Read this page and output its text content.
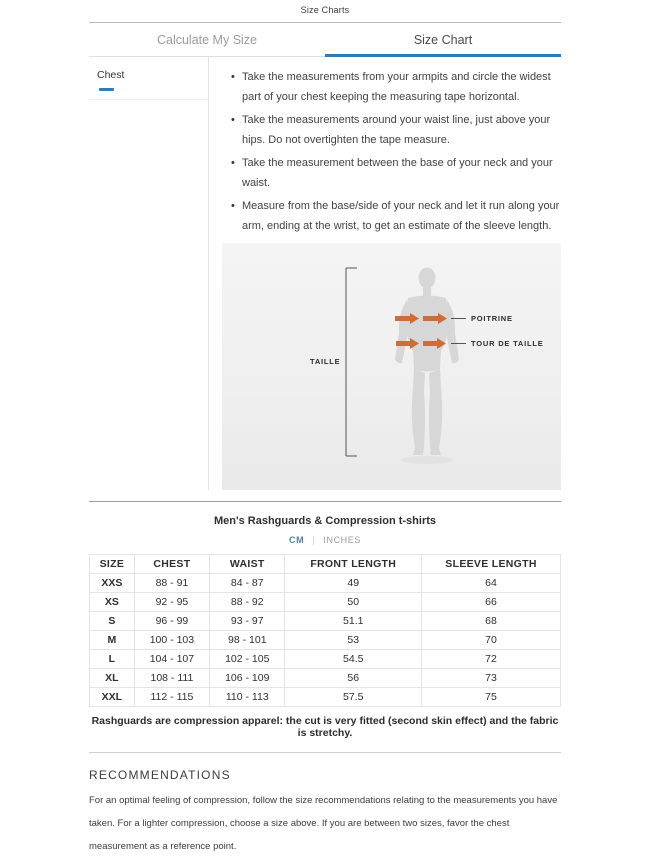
Size Charts
Calculate My Size	Size Chart
Chest	• Take the measurements from your armpits and circle the widest part of your chest keeping the measuring tape horizontal.
• Take the measurements around your waist line, just above your hips. Do not overtighten the tape measure.
• Take the measurement between the base of your neck and your waist.
• Measure from the base/side of your neck and let it run along your arm, ending at the wrist, to get an estimate of the sleeve length.
TAILLE
POITRINE
TOUR DE TAILLE
Men's Rashguards & Compression t-shirts
CM | INCHES
SIZE	CHEST	WAIST	FRONT LENGTH	SLEEVE LENGTH
XXS	88 - 91	84 - 87	49	64
XS	92 - 95	88 - 92	50	66
S	96 - 99	93 - 97	51.1	68
M	100 - 103	98 - 101	53	70
L	104 - 107	102 - 105	54.5	72
XL	108 - 111	106 - 109	56	73
XXL	112 - 115	110 - 113	57.5	75
Rashguards are compression apparel: the cut is very fitted (second skin effect) and the fabric is stretchy.
RECOMMENDATIONS
For an optimal feeling of compression, follow the size recommendations relating to the measurements you have taken. For a lighter compression, choose a size above. If you are between two sizes, favor the chest measurement as a reference point.
